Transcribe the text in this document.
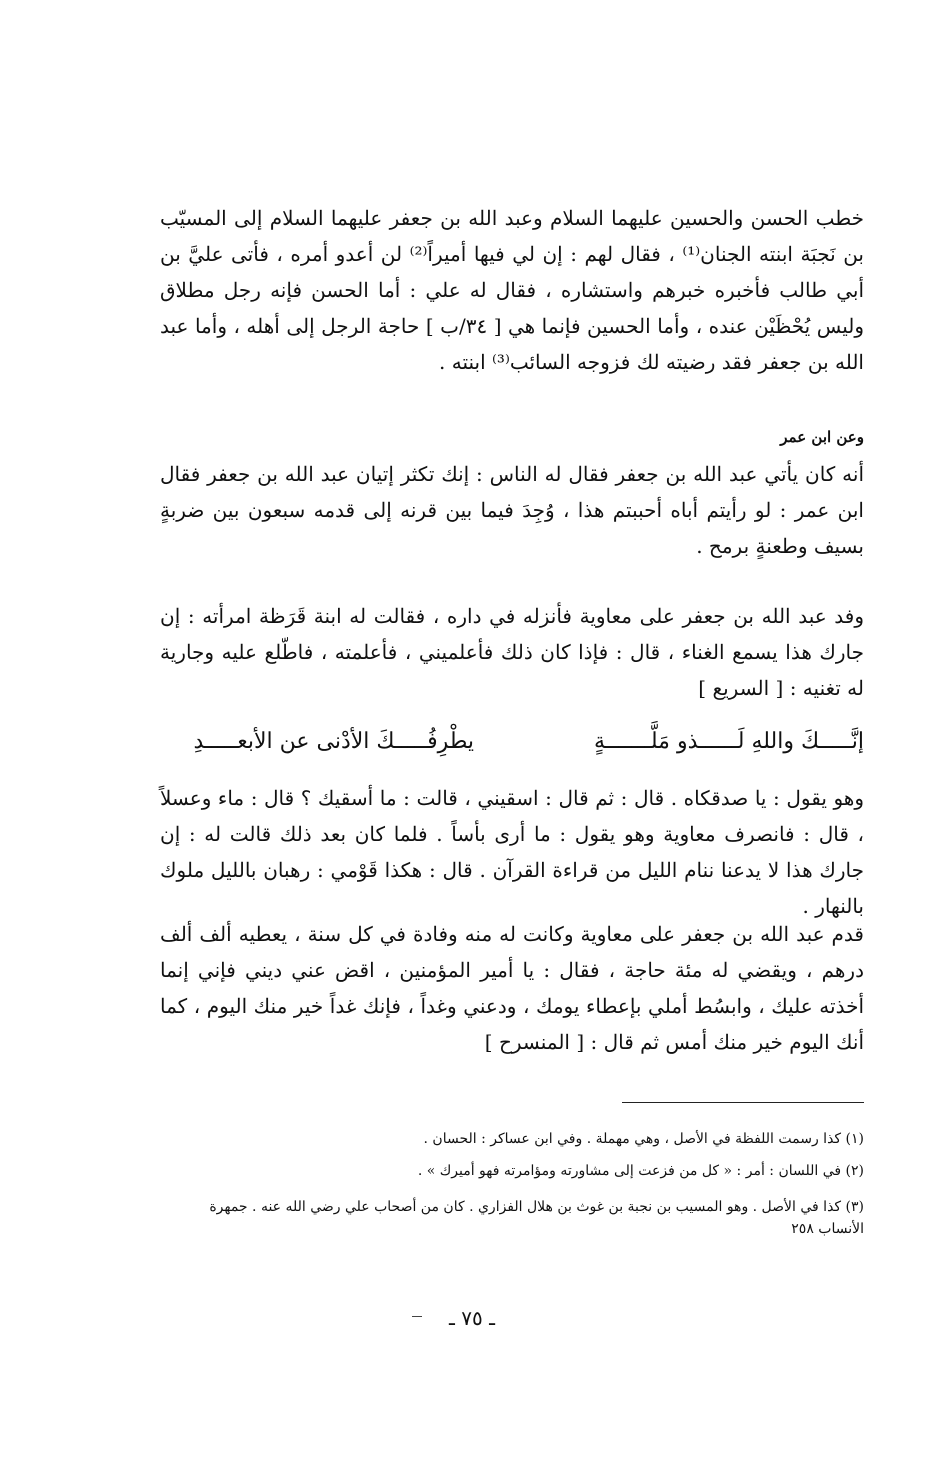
خطب الحسن والحسين عليهما السلام وعبد الله بن جعفر عليهما السلام إلى المسيّب بن نَجبَة ابنته الجنان⁽¹⁾ ، فقال لهم : إن لي فيها أميراً⁽²⁾ لن أعدو أمره ، فأتى عليَّ بن أبي طالب فأخبره خبرهم واستشاره ، فقال له علي : أما الحسن فإنه رجل مطلاق وليس يُحْظَيْن عنده ، وأما الحسين فإنما هي [ ٣٤/ب ] حاجة الرجل إلى أهله ، وأما عبد الله بن جعفر فقد رضيته لك فزوجه السائب⁽³⁾ ابنته .

وعن ابن عمر

أنه كان يأتي عبد الله بن جعفر فقال له الناس : إنك تكثر إتيان عبد الله بن جعفر فقال ابن عمر : لو رأيتم أباه أحببتم هذا ، وُجِدَ فيما بين قرنه إلى قدمه سبعون بين ضربةٍ بسيف وطعنةٍ برمح .

وفد عبد الله بن جعفر على معاوية فأنزله في داره ، فقالت له ابنة قَرَظة امرأته : إن جارك هذا يسمع الغناء ، قال : فإذا كان ذلك فأعلميني ، فأعلمته ، فاطّلع عليه وجارية له تغنيه : [ السريع ]

إنَّـــــكَ واللهِ لَــــــذو مَلَّـــــــةٍ
يطْرِفُـــــكَ الأدْنى عن الأبعـــــدِ

وهو يقول : يا صدقكاه . قال : ثم قال : اسقيني ، قالت : ما أسقيك ؟ قال : ماء وعسلاً ، قال : فانصرف معاوية وهو يقول : ما أرى بأساً . فلما كان بعد ذلك قالت له : إن جارك هذا لا يدعنا ننام الليل من قراءة القرآن . قال : هكذا قَوْمي : رهبان بالليل ملوك بالنهار .

قدم عبد الله بن جعفر على معاوية وكانت له منه وفادة في كل سنة ، يعطيه ألف ألف درهم ، ويقضي له مئة حاجة ، فقال : يا أمير المؤمنين ، اقض عني ديني فإني إنما أخذته عليك ، وابسُط أملي بإعطاء يومك ، ودعني وغداً ، فإنك غداً خير منك اليوم ، كما أنك اليوم خير منك أمس ثم قال : [ المنسرح ]

(١) كذا رسمت اللفظة في الأصل ، وهي مهملة . وفي ابن عساكر : الحسان .

(٢) في اللسان : أمر : « كل من فزعت إلى مشاورته ومؤامرته فهو أميرك » .

(٣) كذا في الأصل . وهو المسيب بن نجبة بن غوث بن هلال الفزاري . كان من أصحاب علي رضي الله عنه . جمهرة الأنساب ٢٥٨

ـ ٧٥ ـ
